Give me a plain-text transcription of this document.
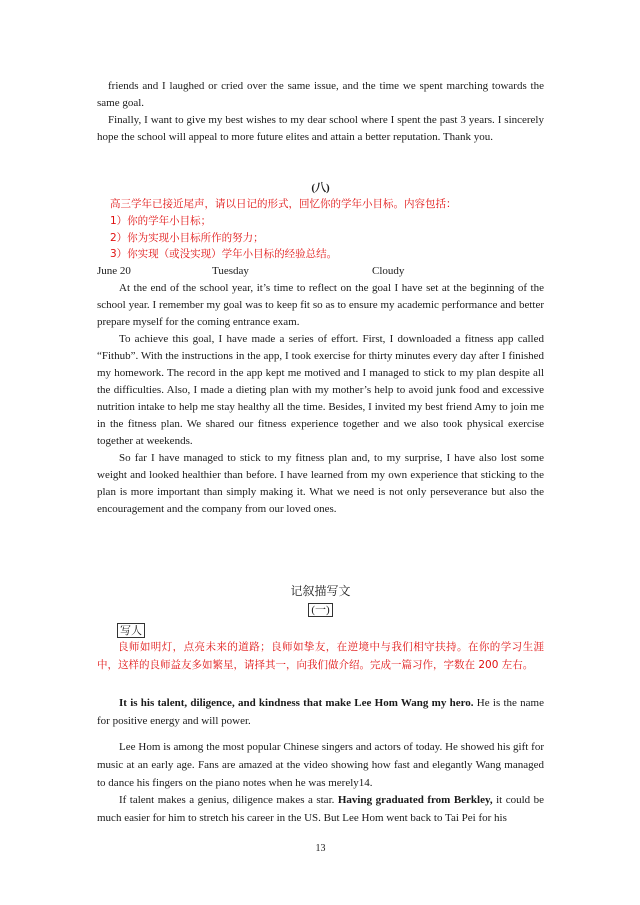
friends and I laughed or cried over the same issue, and the time we spent marching towards the same goal.

Finally, I want to give my best wishes to my dear school where I spent the past 3 years. I sincerely hope the school will appeal to more future elites and attain a better reputation. Thank you.

(八)

高三学年已接近尾声，请以日记的形式，回忆你的学年小目标。内容包括：

1）你的学年小目标；

2）你为实现小目标所作的努力；

3）你实现（或没实现）学年小目标的经验总结。

June 20	Tuesday	Cloudy

At the end of the school year, it’s time to reflect on the goal I have set at the beginning of the school year. I remember my goal was to keep fit so as to ensure my academic performance and better prepare myself for the coming entrance exam.

To achieve this goal, I have made a series of effort. First, I downloaded a fitness app called “Fithub”. With the instructions in the app, I took exercise for thirty minutes every day after I finished my homework. The record in the app kept me motived and I managed to stick to my plan despite all the difficulties. Also, I made a dieting plan with my mother’s help to avoid junk food and excessive nutrition intake to help me stay healthy all the time. Besides, I invited my best friend Amy to join me in the fitness plan. We shared our fitness experience together and we also took physical exercise together at weekends.

So far I have managed to stick to my fitness plan and, to my surprise, I have also lost some weight and looked healthier than before. I have learned from my own experience that sticking to the plan is more important than simply making it. What we need is not only perseverance but also the encouragement and the company from our loved ones.

记叙描写文

(一)

写人

良师如明灯，点亮未来的道路；良师如挚友，在逆境中与我们相守扶持。在你的学习生涯中，这样的良师益友多如繁星，请择其一，向我们做介绍。完成一篇习作，字数在 200 左右。

It is his talent, diligence, and kindness that make Lee Hom Wang my hero. He is the name for positive energy and will power.

Lee Hom is among the most popular Chinese singers and actors of today. He showed his gift for music at an early age. Fans are amazed at the video showing how fast and elegantly Wang managed to dance his fingers on the piano notes when he was merely14.

If talent makes a genius, diligence makes a star. Having graduated from Berkley, it could be much easier for him to stretch his career in the US. But Lee Hom went back to Tai Pei for his

13
